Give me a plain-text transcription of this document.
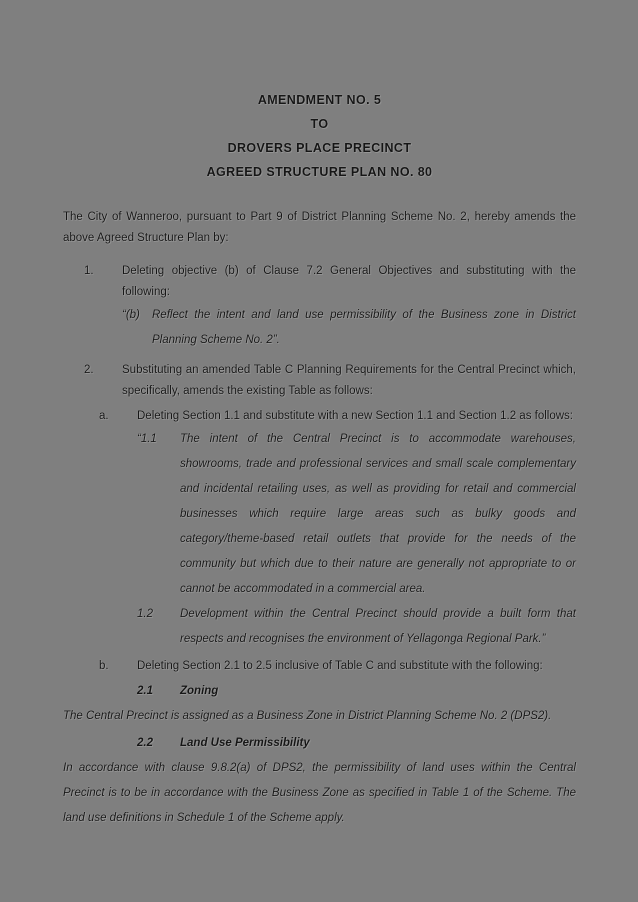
AMENDMENT NO. 5
TO
DROVERS PLACE PRECINCT
AGREED STRUCTURE PLAN NO. 80

The City of Wanneroo, pursuant to Part 9 of District Planning Scheme No. 2, hereby amends the above Agreed Structure Plan by:

1.	Deleting objective (b) of Clause 7.2 General Objectives and substituting with the following:
“(b)	Reflect the intent and land use permissibility of the Business zone in District Planning Scheme No. 2”.
2.	Substituting an amended Table C Planning Requirements for the Central Precinct which, specifically, amends the existing Table as follows:
a.	Deleting Section 1.1 and substitute with a new Section 1.1 and Section 1.2 as follows:
“1.1	The intent of the Central Precinct is to accommodate warehouses, showrooms, trade and professional services and small scale complementary and incidental retailing uses, as well as providing for retail and commercial businesses which require large areas such as bulky goods and category/theme-based retail outlets that provide for the needs of the community but which due to their nature are generally not appropriate to or cannot be accommodated in a commercial area.
1.2	Development within the Central Precinct should provide a built form that respects and recognises the environment of Yellagonga Regional Park.”
b.	Deleting Section 2.1 to 2.5 inclusive of Table C and substitute with the following:
2.1	Zoning

The Central Precinct is assigned as a Business Zone in District Planning Scheme No. 2 (DPS2).

2.2	Land Use Permissibility

In accordance with clause 9.8.2(a) of DPS2, the permissibility of land uses within the Central Precinct is to be in accordance with the Business Zone as specified in Table 1 of the Scheme. The land use definitions in Schedule 1 of the Scheme apply.
